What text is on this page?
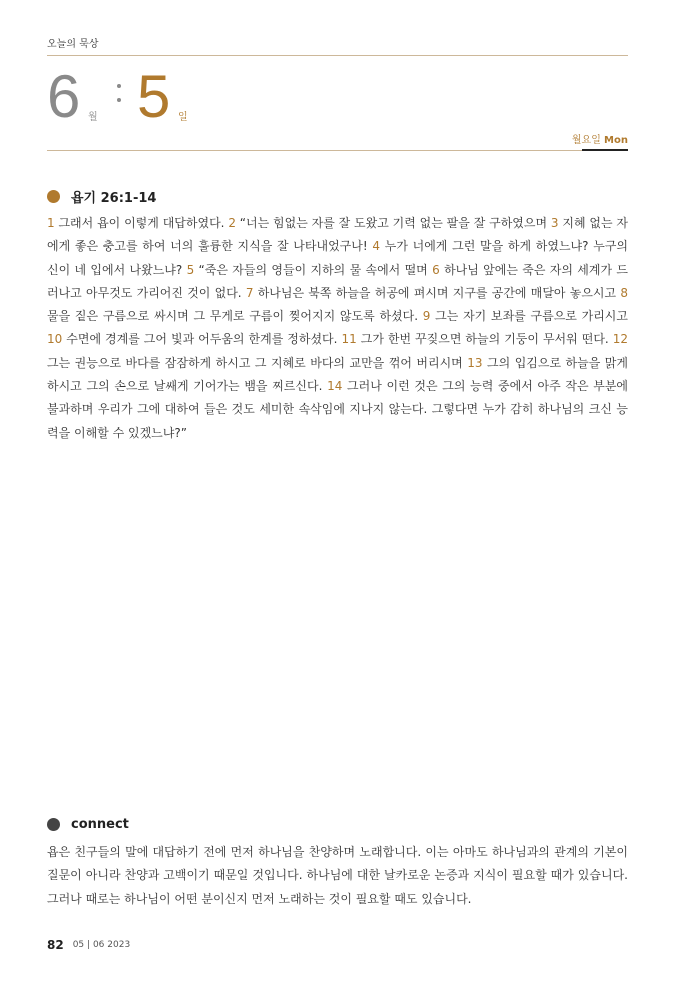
오늘의 묵상
6 월 5 일
월요일 Mon
욥기 26:1-14
1 그래서 욥이 이렇게 대답하였다. 2 “너는 힘없는 자를 잘 도왔고 기력 없는 팔을 잘 구하였으며 3 지혜 없는 자에게 좋은 충고를 하여 너의 훌륭한 지식을 잘 나타내었구나! 4 누가 너에게 그런 말을 하게 하였느냐? 누구의 신이 네 입에서 나왔느냐? 5 “죽은 자들의 영들이 지하의 물 속에서 떨며 6 하나님 앞에는 죽은 자의 세계가 드러나고 아무것도 가리어진 것이 없다. 7 하나님은 북쪽 하늘을 허공에 펴시며 지구를 공간에 매달아 놓으시고 8 물을 짙은 구름으로 싸시며 그 무게로 구름이 찢어지지 않도록 하셨다. 9 그는 자기 보좌를 구름으로 가리시고 10 수면에 경계를 그어 빛과 어두움의 한계를 정하셨다. 11 그가 한번 꾸짖으면 하늘의 기둥이 무서워 떤다. 12 그는 권능으로 바다를 잠잠하게 하시고 그 지혜로 바다의 교만을 꺾어 버리시며 13 그의 입김으로 하늘을 맑게 하시고 그의 손으로 날쌔게 기어가는 뱀을 찌르신다. 14 그러나 이런 것은 그의 능력 중에서 아주 작은 부분에 불과하며 우리가 그에 대하여 들은 것도 세미한 속삭임에 지나지 않는다. 그렇다면 누가 감히 하나님의 크신 능력을 이해할 수 있겠느냐?”
connect
욥은 친구들의 말에 대답하기 전에 먼저 하나님을 찬양하며 노래합니다. 이는 아마도 하나님과의 관계의 기본이 질문이 아니라 찬양과 고백이기 때문일 것입니다. 하나님에 대한 날카로운 논증과 지식이 필요할 때가 있습니다. 그러나 때로는 하나님이 어떤 분이신지 먼저 노래하는 것이 필요할 때도 있습니다.
82 05 | 06 2023
